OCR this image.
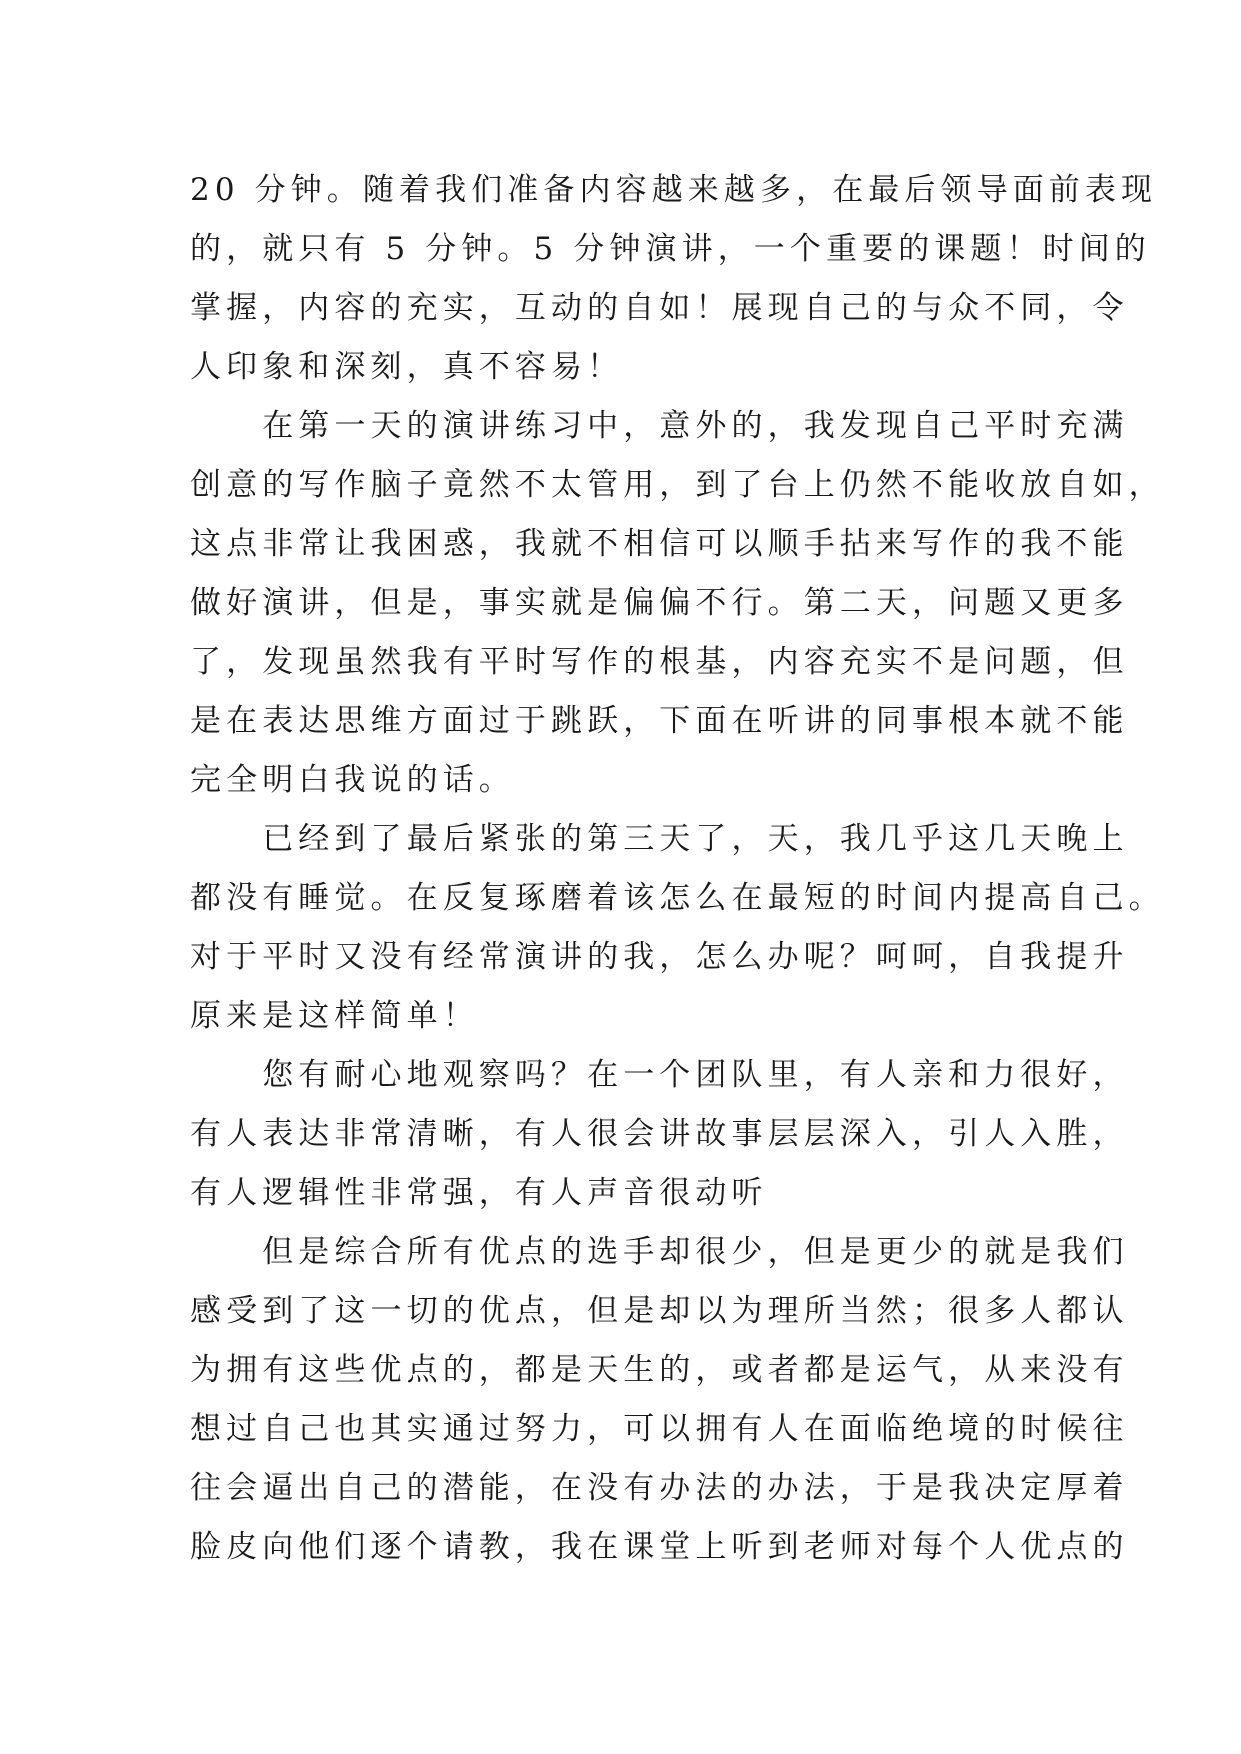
20 分钟。随着我们准备内容越来越多，在最后领导面前表现
的，就只有 5 分钟。5 分钟演讲，一个重要的课题！时间的
掌握，内容的充实，互动的自如！展现自己的与众不同，令
人印象和深刻，真不容易！
　　在第一天的演讲练习中，意外的，我发现自己平时充满
创意的写作脑子竟然不太管用，到了台上仍然不能收放自如，
这点非常让我困惑，我就不相信可以顺手拈来写作的我不能
做好演讲，但是，事实就是偏偏不行。第二天，问题又更多
了，发现虽然我有平时写作的根基，内容充实不是问题，但
是在表达思维方面过于跳跃，下面在听讲的同事根本就不能
完全明白我说的话。
　　已经到了最后紧张的第三天了，天，我几乎这几天晚上
都没有睡觉。在反复琢磨着该怎么在最短的时间内提高自己。
对于平时又没有经常演讲的我，怎么办呢？呵呵，自我提升
原来是这样简单！
　　您有耐心地观察吗？在一个团队里，有人亲和力很好，
有人表达非常清晰，有人很会讲故事层层深入，引人入胜，
有人逻辑性非常强，有人声音很动听
　　但是综合所有优点的选手却很少，但是更少的就是我们
感受到了这一切的优点，但是却以为理所当然；很多人都认
为拥有这些优点的，都是天生的，或者都是运气，从来没有
想过自己也其实通过努力，可以拥有人在面临绝境的时候往
往会逼出自己的潜能，在没有办法的办法，于是我决定厚着
脸皮向他们逐个请教，我在课堂上听到老师对每个人优点的
